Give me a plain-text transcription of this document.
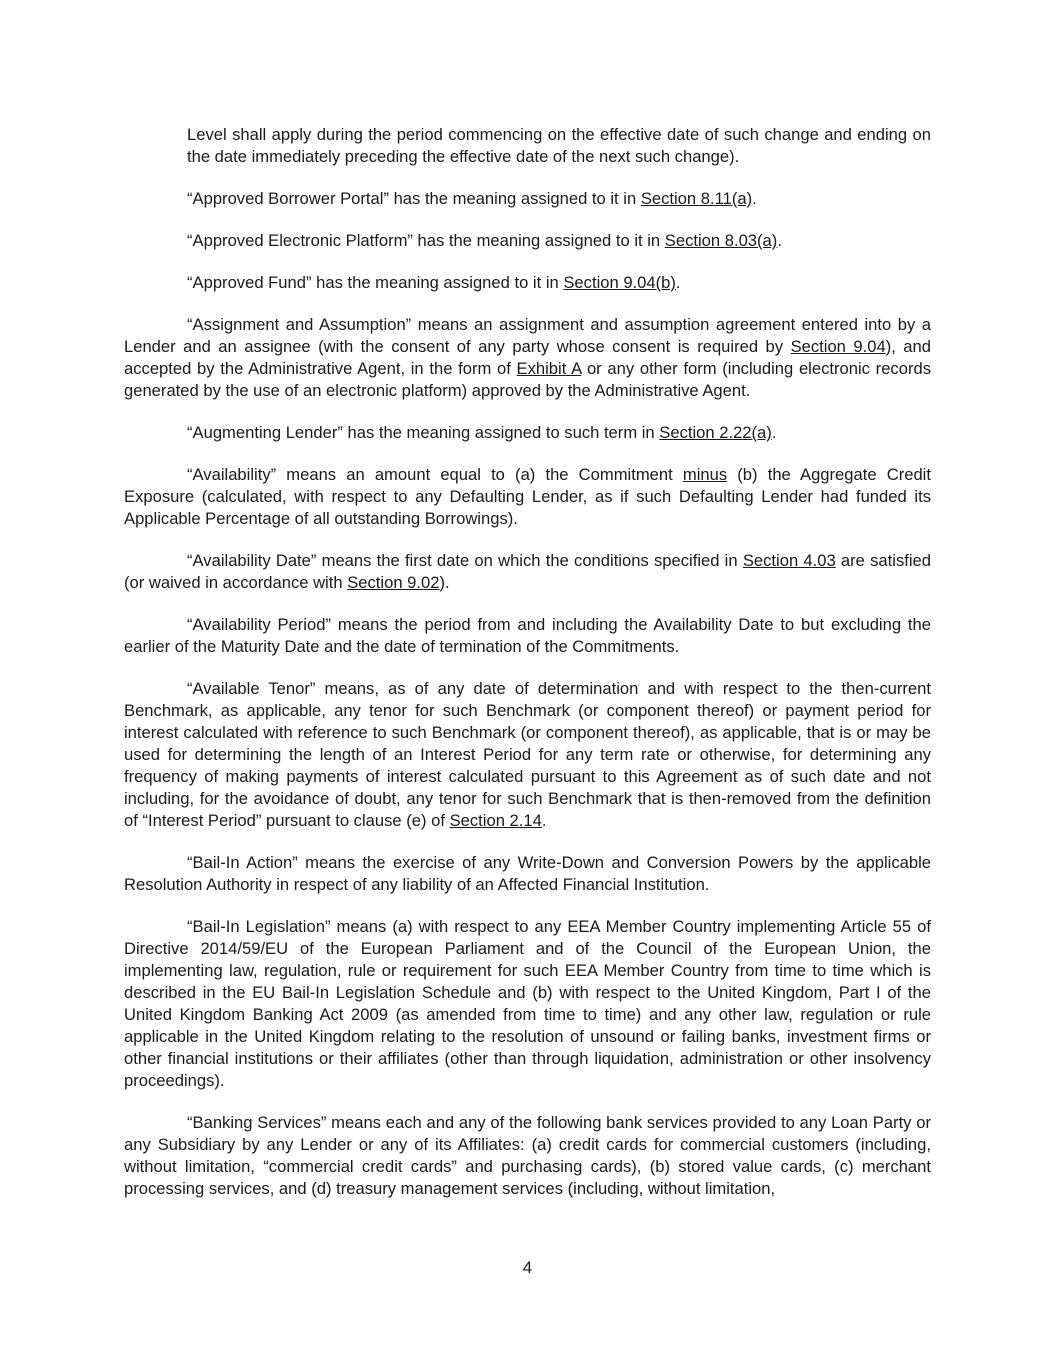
Level shall apply during the period commencing on the effective date of such change and ending on the date immediately preceding the effective date of the next such change).

“Approved Borrower Portal” has the meaning assigned to it in Section 8.11(a).

“Approved Electronic Platform” has the meaning assigned to it in Section 8.03(a).

“Approved Fund” has the meaning assigned to it in Section 9.04(b).

“Assignment and Assumption” means an assignment and assumption agreement entered into by a Lender and an assignee (with the consent of any party whose consent is required by Section 9.04), and accepted by the Administrative Agent, in the form of Exhibit A or any other form (including electronic records generated by the use of an electronic platform) approved by the Administrative Agent.

“Augmenting Lender” has the meaning assigned to such term in Section 2.22(a).

“Availability” means an amount equal to (a) the Commitment minus (b) the Aggregate Credit Exposure (calculated, with respect to any Defaulting Lender, as if such Defaulting Lender had funded its Applicable Percentage of all outstanding Borrowings).

“Availability Date” means the first date on which the conditions specified in Section 4.03 are satisfied (or waived in accordance with Section 9.02).

“Availability Period” means the period from and including the Availability Date to but excluding the earlier of the Maturity Date and the date of termination of the Commitments.

“Available Tenor” means, as of any date of determination and with respect to the then-current Benchmark, as applicable, any tenor for such Benchmark (or component thereof) or payment period for interest calculated with reference to such Benchmark (or component thereof), as applicable, that is or may be used for determining the length of an Interest Period for any term rate or otherwise, for determining any frequency of making payments of interest calculated pursuant to this Agreement as of such date and not including, for the avoidance of doubt, any tenor for such Benchmark that is then-removed from the definition of “Interest Period” pursuant to clause (e) of Section 2.14.

“Bail-In Action” means the exercise of any Write-Down and Conversion Powers by the applicable Resolution Authority in respect of any liability of an Affected Financial Institution.

“Bail-In Legislation” means (a) with respect to any EEA Member Country implementing Article 55 of Directive 2014/59/EU of the European Parliament and of the Council of the European Union, the implementing law, regulation, rule or requirement for such EEA Member Country from time to time which is described in the EU Bail-In Legislation Schedule and (b) with respect to the United Kingdom, Part I of the United Kingdom Banking Act 2009 (as amended from time to time) and any other law, regulation or rule applicable in the United Kingdom relating to the resolution of unsound or failing banks, investment firms or other financial institutions or their affiliates (other than through liquidation, administration or other insolvency proceedings).

“Banking Services” means each and any of the following bank services provided to any Loan Party or any Subsidiary by any Lender or any of its Affiliates: (a) credit cards for commercial customers (including, without limitation, “commercial credit cards” and purchasing cards), (b) stored value cards, (c) merchant processing services, and (d) treasury management services (including, without limitation,

4
